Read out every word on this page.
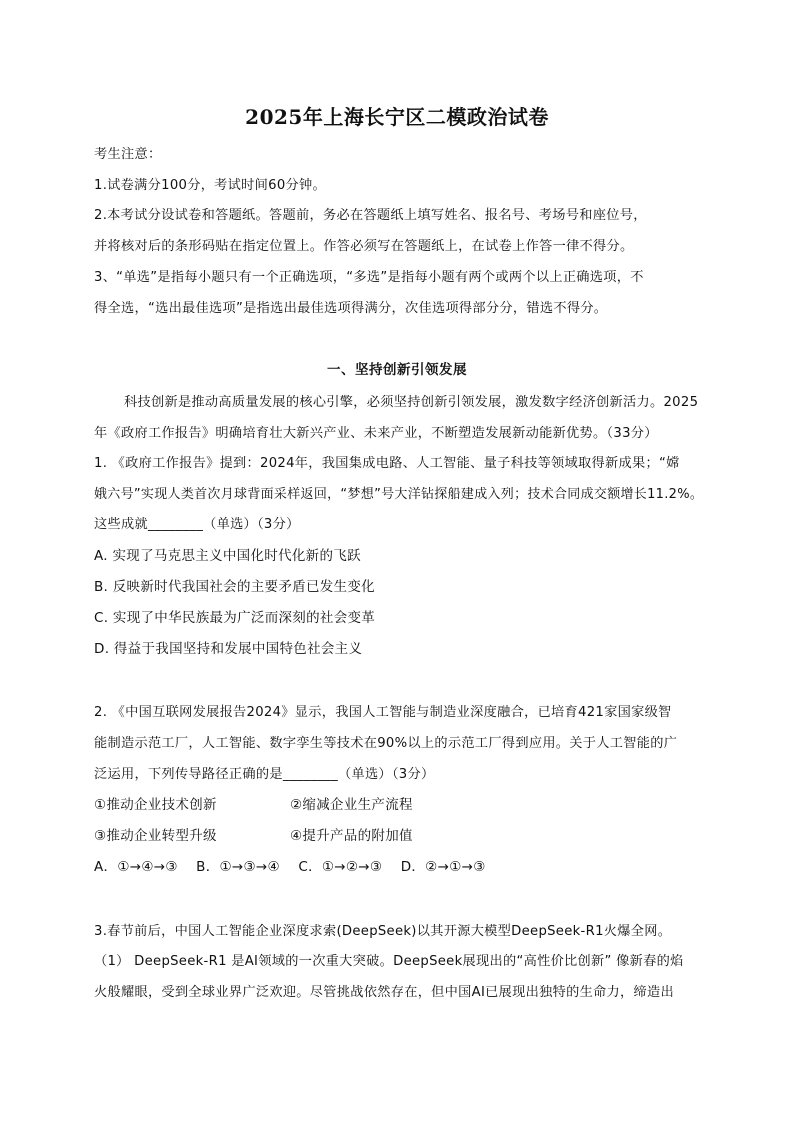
2025年上海长宁区二模政治试卷
考生注意：
1.试卷满分100分，考试时间60分钟。
2.本考试分设试卷和答题纸。答题前，务必在答题纸上填写姓名、报名号、考场号和座位号，
并将核对后的条形码贴在指定位置上。作答必须写在答题纸上，在试卷上作答一律不得分。
3、“单选”是指每小题只有一个正确选项，“多选”是指每小题有两个或两个以上正确选项，不
得全选，“选出最佳选项”是指选出最佳选项得满分，次佳选项得部分分，错选不得分。
一、坚持创新引领发展
科技创新是推动高质量发展的核心引擎，必须坚持创新引领发展，激发数字经济创新活力。2025
年《政府工作报告》明确培育壮大新兴产业、未来产业，不断塑造发展新动能新优势。（33分）
1. 《政府工作报告》提到：2024年，我国集成电路、人工智能、量子科技等领域取得新成果；“嫦
娥六号”实现人类首次月球背面采样返回，“梦想”号大洋钻探船建成入列；技术合同成交额增长11.2%。
这些成就________（单选）（3分）
A. 实现了马克思主义中国化时代化新的飞跃
B. 反映新时代我国社会的主要矛盾已发生变化
C. 实现了中华民族最为广泛而深刻的社会变革
D. 得益于我国坚持和发展中国特色社会主义
2. 《中国互联网发展报告2024》显示，我国人工智能与制造业深度融合，已培育421家国家级智
能制造示范工厂，人工智能、数字孪生等技术在90%以上的示范工厂得到应用。关于人工智能的广
泛运用，下列传导路径正确的是________（单选）（3分）
①推动企业技术创新	②缩减企业生产流程
③推动企业转型升级	④提升产品的附加值
A．①→④→③　 B．①→③→④　 C．①→②→③　 D．②→①→③
3.春节前后，中国人工智能企业深度求索(DeepSeek)以其开源大模型DeepSeek-R1火爆全网。
（1） DeepSeek-R1 是AI领域的一次重大突破。DeepSeek展现出的“高性价比创新” 像新春的焰
火般耀眼，受到全球业界广泛欢迎。尽管挑战依然存在，但中国AI已展现出独特的生命力，缔造出
